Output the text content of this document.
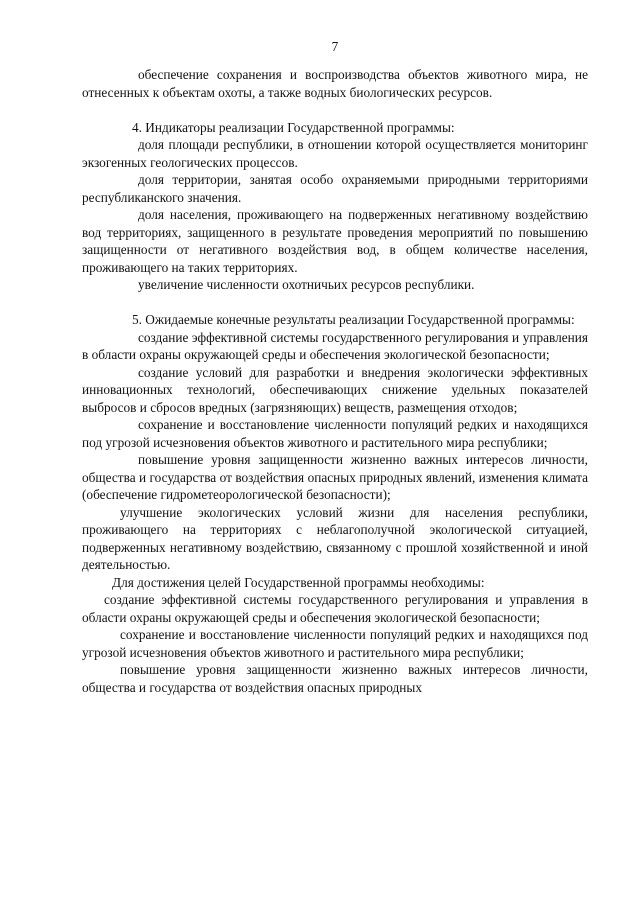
7

обеспечение сохранения и воспроизводства объектов животного мира, не отнесенных к объектам охоты, а также водных биологических ресурсов.

4. Индикаторы реализации Государственной программы:

доля площади республики, в отношении которой осуществляется мониторинг экзогенных геологических процессов.

доля территории, занятая особо охраняемыми природными территориями республиканского значения.

доля населения, проживающего на подверженных негативному воздействию вод территориях, защищенного в результате проведения мероприятий по повышению защищенности от негативного воздействия вод, в общем количестве населения, проживающего на таких территориях.

увеличение численности охотничьих ресурсов республики.

5. Ожидаемые конечные результаты реализации Государственной программы:

создание эффективной системы государственного регулирования и управления в области охраны окружающей среды и обеспечения экологической безопасности;

создание условий для разработки и внедрения экологически эффективных инновационных технологий, обеспечивающих снижение удельных показателей выбросов и сбросов вредных (загрязняющих) веществ, размещения отходов;

сохранение и восстановление численности популяций редких и находящихся под угрозой исчезновения объектов животного и растительного мира республики;

повышение уровня защищенности жизненно важных интересов личности, общества и государства от воздействия опасных природных явлений, изменения климата (обеспечение гидрометеорологической безопасности);

улучшение экологических условий жизни для населения республики, проживающего на территориях с неблагополучной экологической ситуацией, подверженных негативному воздействию, связанному с прошлой хозяйственной и иной деятельностью.

Для достижения целей Государственной программы необходимы:

создание эффективной системы государственного регулирования и управления в области охраны окружающей среды и обеспечения экологической безопасности;

сохранение и восстановление численности популяций редких и находящихся под угрозой исчезновения объектов животного и растительного мира республики;

повышение уровня защищенности жизненно важных интересов личности, общества и государства от воздействия опасных природных
